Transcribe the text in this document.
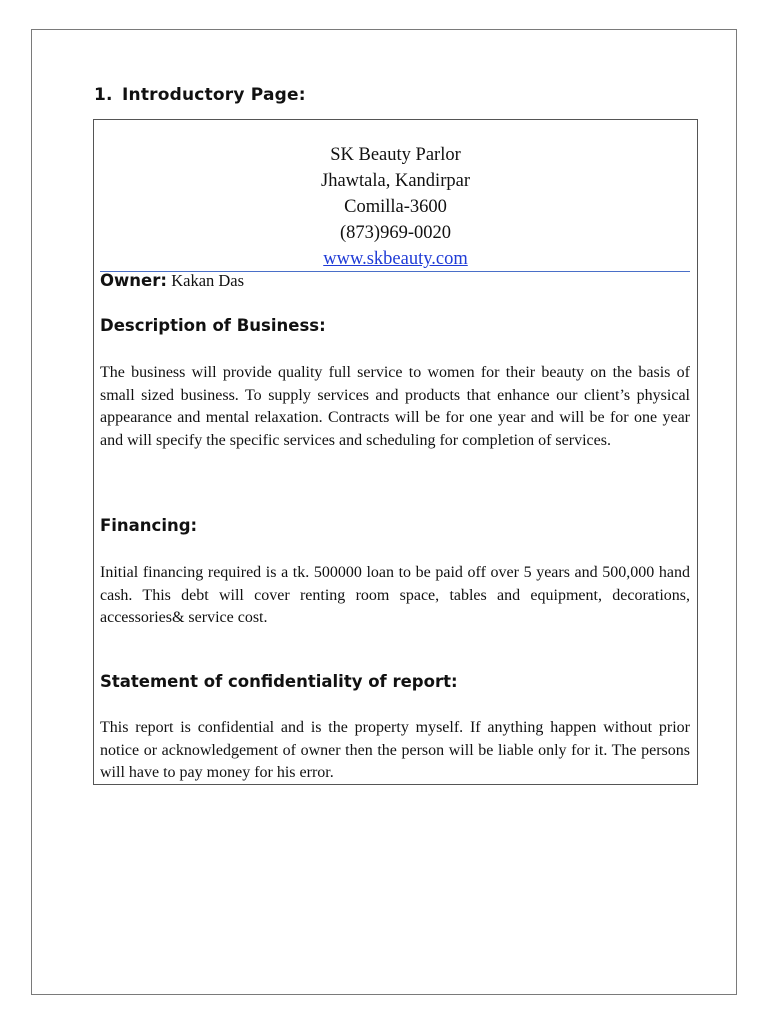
1. Introductory Page:
SK Beauty Parlor
Jhawtala, Kandirpar
Comilla-3600
(873)969-0020
www.skbeauty.com
Owner: Kakan Das
Description of Business:
The business will provide quality full service to women for their beauty on the basis of small sized business. To supply services and products that enhance our client’s physical appearance and mental relaxation. Contracts will be for one year and will be for one year and will specify the specific services and scheduling for completion of services.
Financing:
Initial financing required is a tk. 500000 loan to be paid off over 5 years and 500,000 hand cash. This debt will cover renting room space, tables and equipment, decorations, accessories& service cost.
Statement of confidentiality of report:
This report is confidential and is the property myself. If anything happen without prior notice or acknowledgement of owner then the person will be liable only for it. The persons will have to pay money for his error.
